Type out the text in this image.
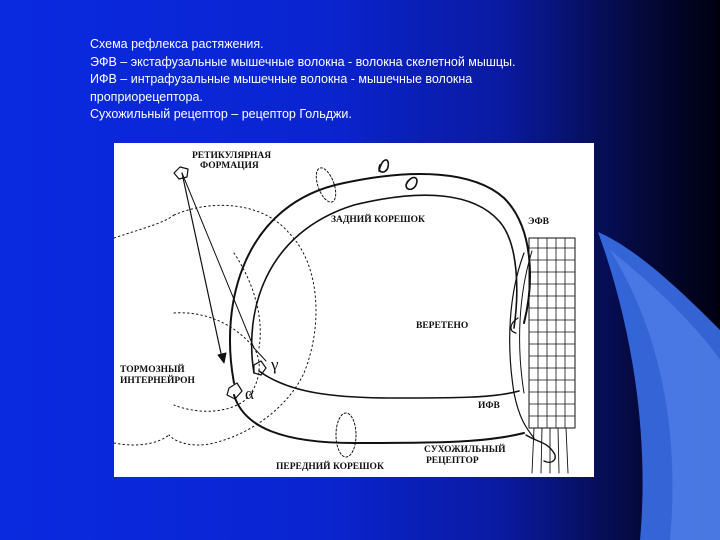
Схема рефлекса растяжения.
ЭФВ – экстафузальные мышечные волокна - волокна скелетной мышцы.
ИФВ – интрафузальные мышечные волокна - мышечные волокна
проприорецептора.
Сухожильный рецептор – рецептор Гольджи.
РЕТИКУЛЯРНАЯ
ФОРМАЦИЯ
ЗАДНИЙ КОРЕШОК	ЭФВ
ВЕРЕТЕНО
ТОРМОЗНЫЙ
ИНТЕРНЕЙРОН
ИФВ
СУХОЖИЛЬНЫЙ
РЕЦЕПТОР
ПЕРЕДНИЙ КОРЕШОК
γ
α
